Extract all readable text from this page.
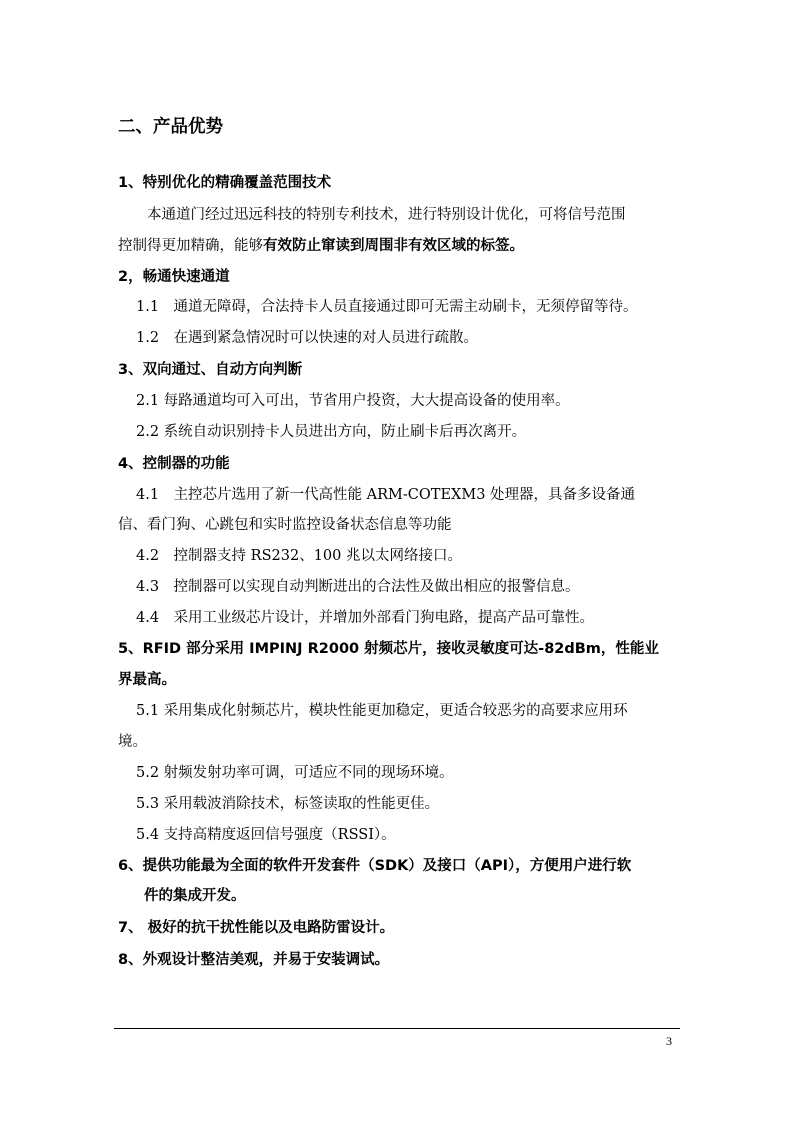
二、产品优势
1、特别优化的精确覆盖范围技术
本通道门经过迅远科技的特别专利技术，进行特别设计优化，可将信号范围
控制得更加精确，能够有效防止窜读到周围非有效区域的标签。
2，畅通快速通道
1.1　通道无障碍，合法持卡人员直接通过即可无需主动刷卡，无须停留等待。
1.2　在遇到紧急情况时可以快速的对人员进行疏散。
3、双向通过、自动方向判断
2.1 每路通道均可入可出，节省用户投资，大大提高设备的使用率。
2.2 系统自动识别持卡人员进出方向，防止刷卡后再次离开。
4、控制器的功能
4.1　主控芯片选用了新一代高性能 ARM-COTEXM3 处理器，具备多设备通
信、看门狗、心跳包和实时监控设备状态信息等功能
4.2　控制器支持 RS232、100 兆以太网络接口。
4.3　控制器可以实现自动判断进出的合法性及做出相应的报警信息。
4.4　采用工业级芯片设计，并增加外部看门狗电路，提高产品可靠性。
5、RFID 部分采用 IMPINJ R2000 射频芯片，接收灵敏度可达-82dBm，性能业
界最高。
5.1 采用集成化射频芯片，模块性能更加稳定，更适合较恶劣的高要求应用环
境。
5.2 射频发射功率可调，可适应不同的现场环境。
5.3 采用载波消除技术，标签读取的性能更佳。
5.4 支持高精度返回信号强度（RSSI）。
6、提供功能最为全面的软件开发套件（SDK）及接口（API），方便用户进行软
件的集成开发。
7、 极好的抗干扰性能以及电路防雷设计。
8、外观设计整洁美观，并易于安装调试。
3
